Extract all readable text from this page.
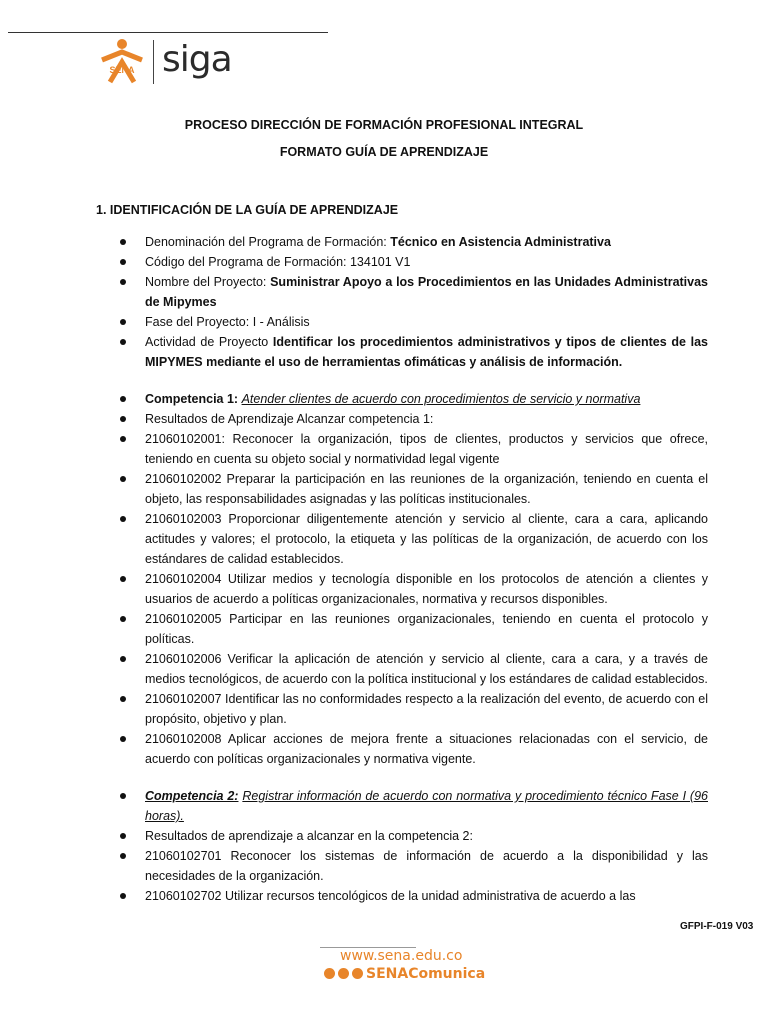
SENA siga
PROCESO DIRECCIÓN DE FORMACIÓN PROFESIONAL INTEGRAL
FORMATO GUÍA DE APRENDIZAJE
1. IDENTIFICACIÓN DE LA GUÍA DE APRENDIZAJE
Denominación del Programa de Formación: Técnico en Asistencia Administrativa
Código del Programa de Formación: 134101 V1
Nombre del Proyecto: Suministrar Apoyo a los Procedimientos en las Unidades Administrativas de Mipymes
Fase del Proyecto: I - Análisis
Actividad de Proyecto Identificar los procedimientos administrativos y tipos de clientes de las MIPYMES mediante el uso de herramientas ofimáticas y análisis de información.
Competencia 1: Atender clientes de acuerdo con procedimientos de servicio y normativa
Resultados de Aprendizaje Alcanzar competencia 1:
21060102001: Reconocer la organización, tipos de clientes, productos y servicios que ofrece, teniendo en cuenta su objeto social y normatividad legal vigente
21060102002 Preparar la participación en las reuniones de la organización, teniendo en cuenta el objeto, las responsabilidades asignadas y las políticas institucionales.
21060102003 Proporcionar diligentemente atención y servicio al cliente, cara a cara, aplicando actitudes y valores; el protocolo, la etiqueta y las políticas de la organización, de acuerdo con los estándares de calidad establecidos.
21060102004 Utilizar medios y tecnología disponible en los protocolos de atención a clientes y usuarios de acuerdo a políticas organizacionales, normativa y recursos disponibles.
21060102005 Participar en las reuniones organizacionales, teniendo en cuenta el protocolo y políticas.
21060102006 Verificar la aplicación de atención y servicio al cliente, cara a cara, y a través de medios tecnológicos, de acuerdo con la política institucional y los estándares de calidad establecidos.
21060102007 Identificar las no conformidades respecto a la realización del evento, de acuerdo con el propósito, objetivo y plan.
21060102008 Aplicar acciones de mejora frente a situaciones relacionadas con el servicio, de acuerdo con políticas organizacionales y normativa vigente.
Competencia 2: Registrar información de acuerdo con normativa y procedimiento técnico Fase I (96 horas).
Resultados de aprendizaje a alcanzar en la competencia 2:
21060102701 Reconocer los sistemas de información de acuerdo a la disponibilidad y las necesidades de la organización.
21060102702 Utilizar recursos tencológicos de la unidad administrativa de acuerdo a las
GFPI-F-019 V03
www.sena.edu.co
SENAComunica
